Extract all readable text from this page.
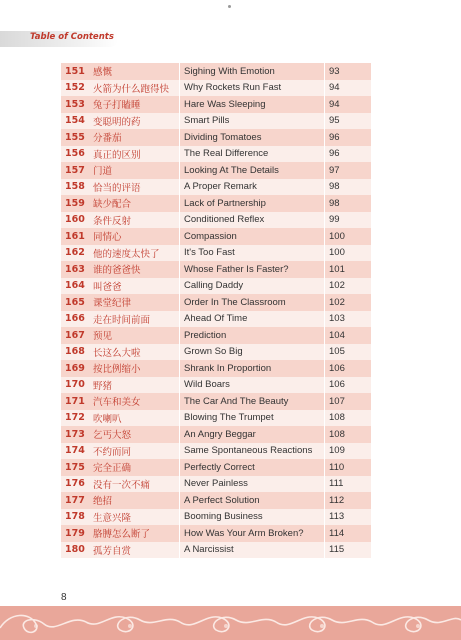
Table of Contents
151	感慨	Sighing With Emotion	93
152	火箭为什么跑得快	Why Rockets Run Fast	94
153	兔子打瞌睡	Hare Was Sleeping	94
154	变聪明的药	Smart Pills	95
155	分番茄	Dividing Tomatoes	96
156	真正的区别	The Real Difference	96
157	门道	Looking At The Details	97
158	恰当的评语	A Proper Remark	98
159	缺少配合	Lack of Partnership	98
160	条件反射	Conditioned Reflex	99
161	同情心	Compassion	100
162	他的速度太快了	It's Too Fast	100
163	谁的爸爸快	Whose Father Is Faster?	101
164	叫爸爸	Calling Daddy	102
165	课堂纪律	Order In The Classroom	102
166	走在时间前面	Ahead Of Time	103
167	预见	Prediction	104
168	长这么大啦	Grown So Big	105
169	按比例缩小	Shrank In Proportion	106
170	野猪	Wild Boars	106
171	汽车和美女	The Car And The Beauty	107
172	吹喇叭	Blowing The Trumpet	108
173	乞丐大怒	An Angry Beggar	108
174	不约而同	Same Spontaneous Reactions	109
175	完全正确	Perfectly Correct	110
176	没有一次不痛	Never Painless	111
177	绝招	A Perfect Solution	112
178	生意兴隆	Booming Business	113
179	胳膊怎么断了	How Was Your Arm Broken?	114
180	孤芳自赏	A Narcissist	115
8
